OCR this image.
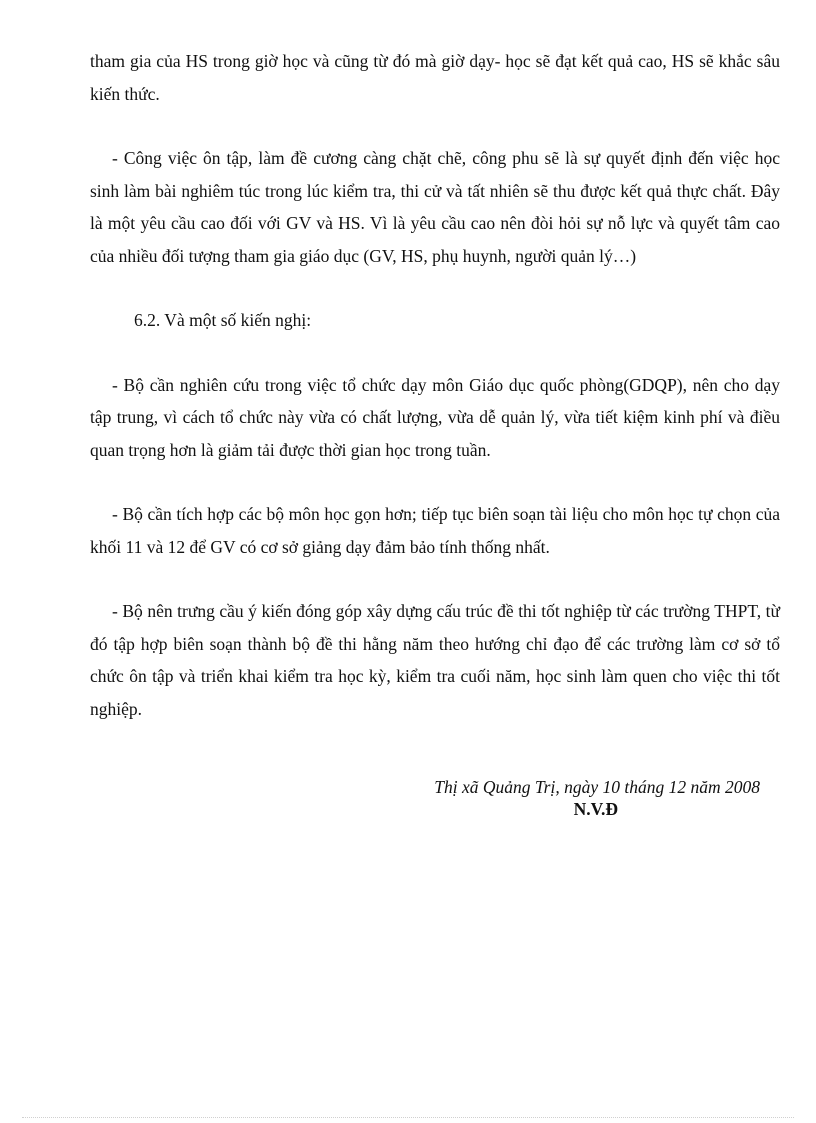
tham gia của HS trong giờ học và cũng từ đó mà giờ dạy- học sẽ đạt kết quả cao, HS sẽ khắc sâu kiến thức.

- Công việc ôn tập, làm đề cương càng chặt chẽ, công phu sẽ là sự quyết định đến việc học sinh làm bài nghiêm túc trong lúc kiểm tra, thi cử và tất nhiên sẽ thu được kết quả thực chất. Đây là một yêu cầu cao đối với GV và HS. Vì là yêu cầu cao nên đòi hỏi sự nỗ lực và quyết tâm cao của nhiều đối tượng tham gia giáo dục (GV, HS, phụ huynh, người quản lý…)

6.2. Và một số kiến nghị:

- Bộ cần nghiên cứu trong việc tổ chức dạy môn Giáo dục quốc phòng(GDQP), nên cho dạy tập trung, vì cách tổ chức này vừa có chất lượng, vừa dễ quản lý, vừa tiết kiệm kinh phí và điều quan trọng hơn là giảm tải được thời gian học trong tuần.

- Bộ cần tích hợp các bộ môn học gọn hơn; tiếp tục biên soạn tài liệu cho môn học tự chọn của khối 11 và 12 để GV có cơ sở giảng dạy đảm bảo tính thống nhất.

- Bộ nên trưng cầu ý kiến đóng góp xây dựng cấu trúc đề thi tốt nghiệp từ các trường THPT, từ đó tập hợp biên soạn thành bộ đề thi hằng năm theo hướng chỉ đạo để các trường làm cơ sở tổ chức ôn tập và triển khai kiểm tra học kỳ, kiểm tra cuối năm, học sinh làm quen cho việc thi tốt nghiệp.

Thị xã Quảng Trị, ngày 10 tháng 12 năm 2008
N.V.Đ
